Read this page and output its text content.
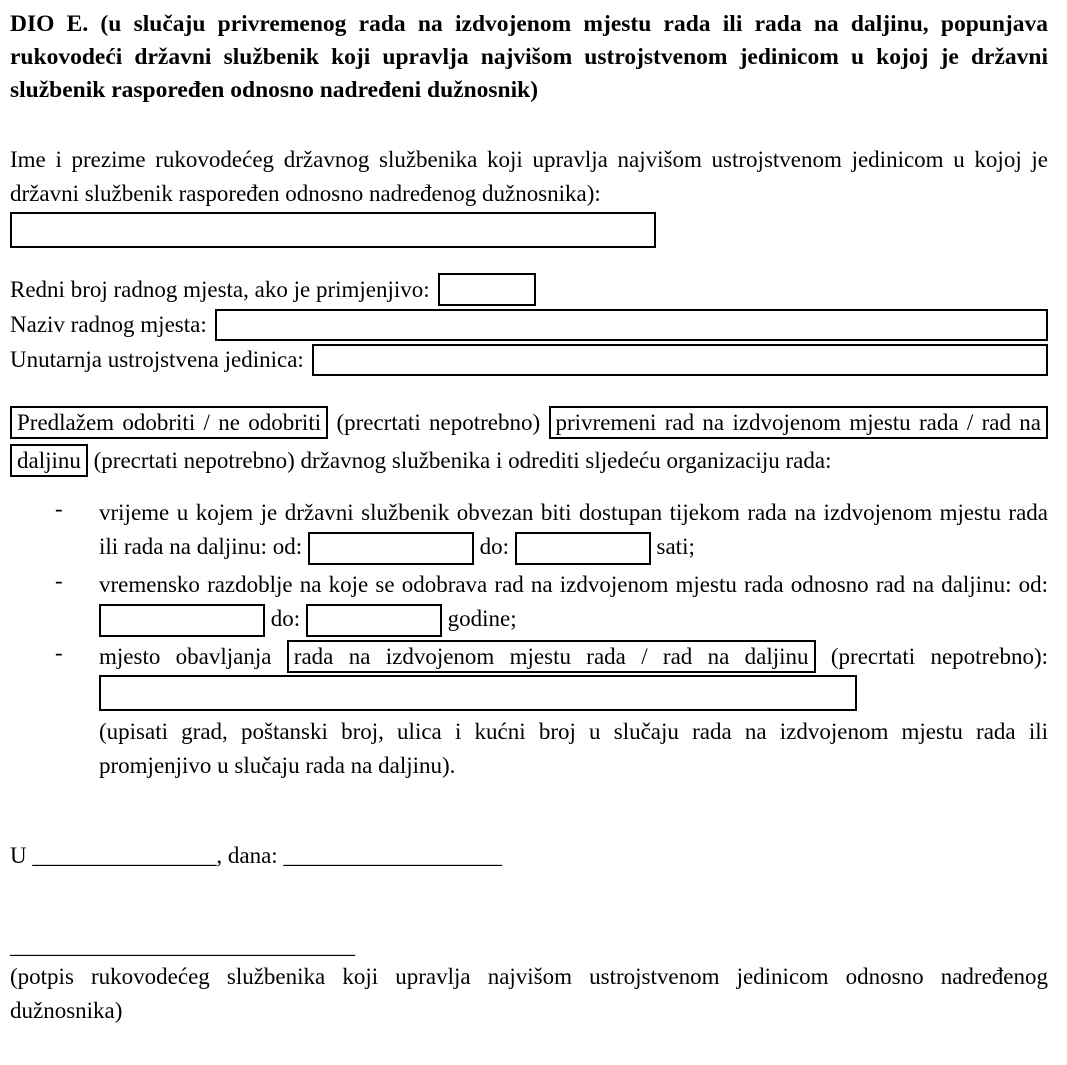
DIO E. (u slučaju privremenog rada na izdvojenom mjestu rada ili rada na daljinu, popunjava rukovodeći državni službenik koji upravlja najvišom ustrojstvenom jedinicom u kojoj je državni službenik raspoređen odnosno nadređeni dužnosnik)

Ime i prezime rukovodećeg državnog službenika koji upravlja najvišom ustrojstvenom jedinicom u kojoj je državni službenik raspoređen odnosno nadređenog dužnosnika):

Redni broj radnog mjesta, ako je primjenjivo:
Naziv radnog mjesta:
Unutarnja ustrojstvena jedinica:

Predlažem odobriti / ne odobriti (precrtati nepotrebno) privremeni rad na izdvojenom mjestu rada / rad na daljinu (precrtati nepotrebno) državnog službenika i odrediti sljedeću organizaciju rada:

- vrijeme u kojem je državni službenik obvezan biti dostupan tijekom rada na izdvojenom mjestu rada ili rada na daljinu: od:	do:	sati;
- vremensko razdoblje na koje se odobrava rad na izdvojenom mjestu rada odnosno rad na daljinu: od:  do:	godine;
- mjesto obavljanja rada na izdvojenom mjestu rada / rad na daljinu (precrtati nepotrebno):
(upisati grad, poštanski broj, ulica i kućni broj u slučaju rada na izdvojenom mjestu rada ili promjenjivo u slučaju rada na daljinu).

U ________________, dana: ___________________

______________________________

(potpis rukovodećeg službenika koji upravlja najvišom ustrojstvenom jedinicom odnosno nadređenog dužnosnika)
